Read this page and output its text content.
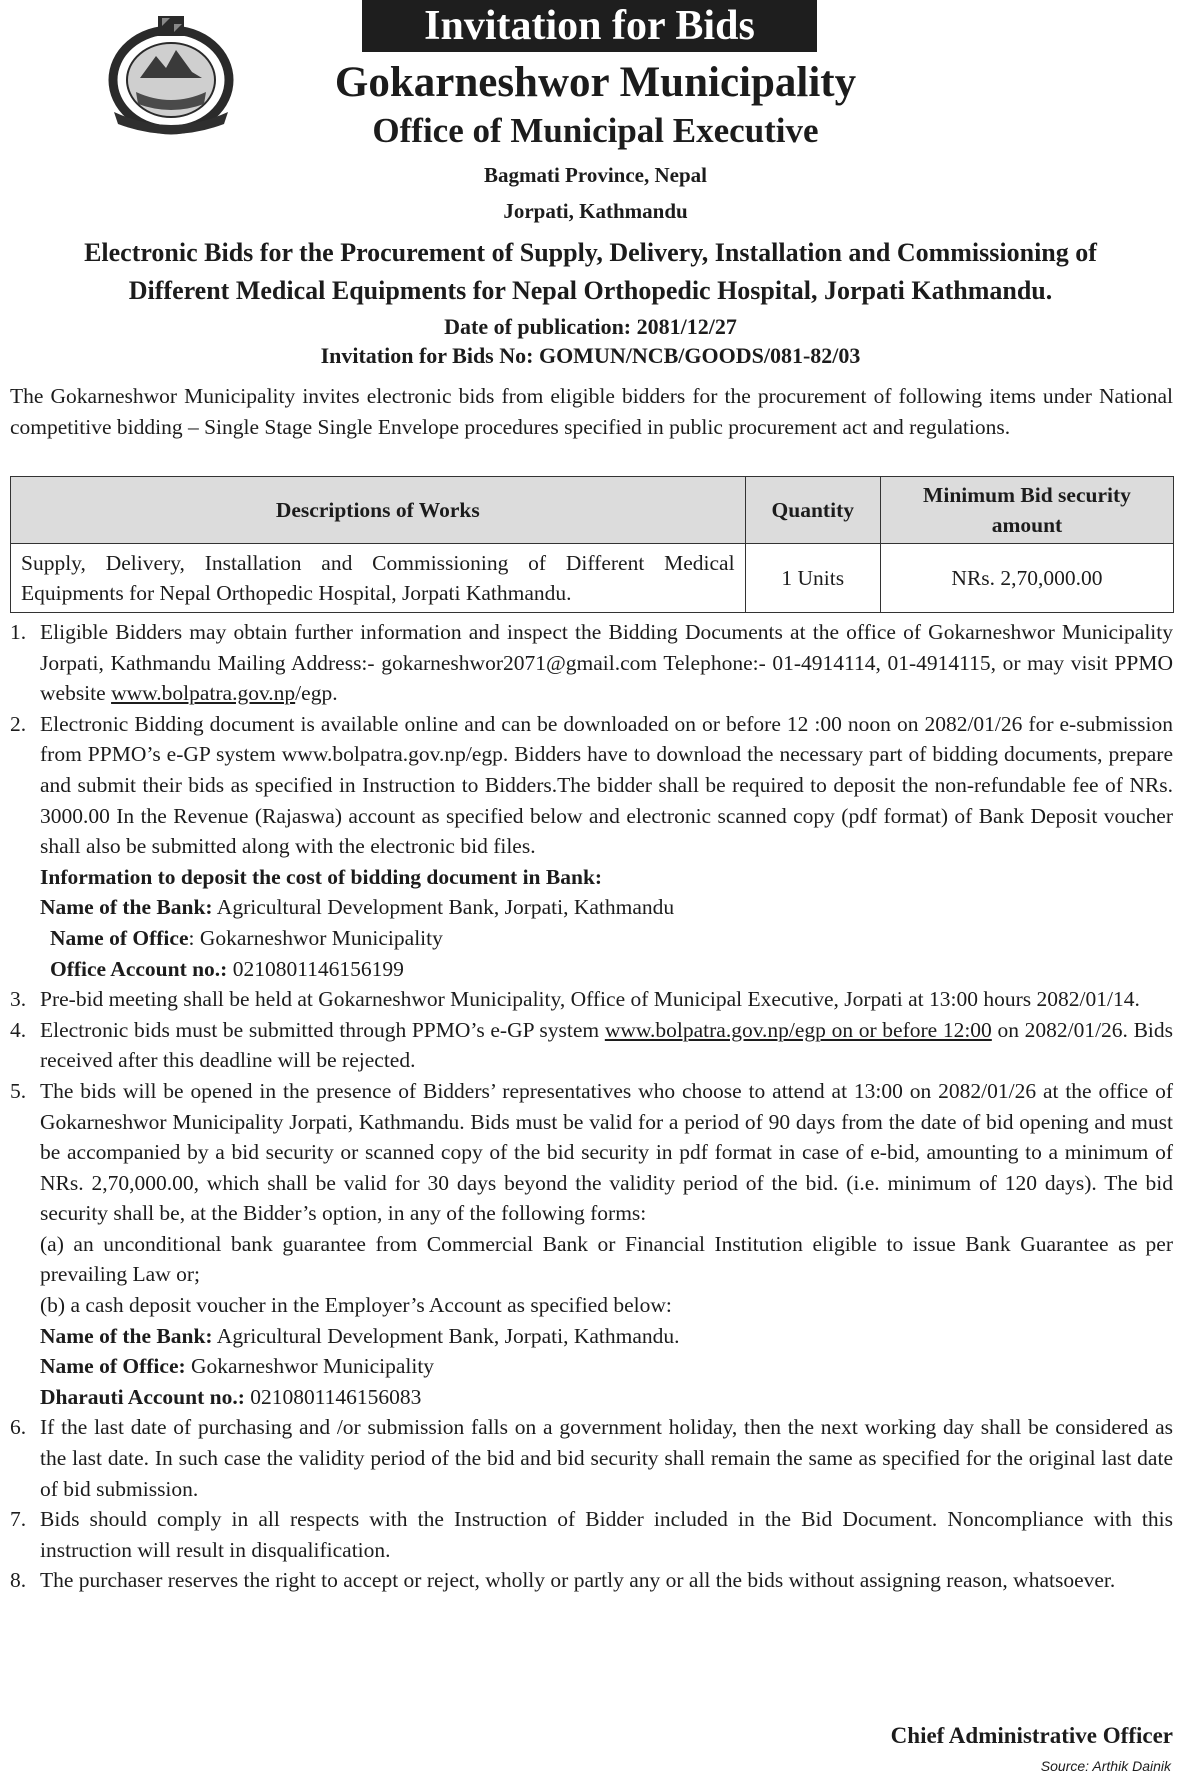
Invitation for Bids
Gokarneshwor Municipality
Office of Municipal Executive
Bagmati Province, Nepal
Jorpati, Kathmandu
Electronic Bids for the Procurement of Supply, Delivery, Installation and Commissioning of
Different Medical Equipments for Nepal Orthopedic Hospital, Jorpati Kathmandu.
Date of publication: 2081/12/27
Invitation for Bids No: GOMUN/NCB/GOODS/081-82/03
The Gokarneshwor Municipality invites electronic bids from eligible bidders for the procurement of following items under National competitive bidding – Single Stage Single Envelope procedures specified in public procurement act and regulations.
Descriptions of Works	Quantity	Minimum Bid security amount
Supply, Delivery, Installation and Commissioning of Different Medical Equipments for Nepal Orthopedic Hospital, Jorpati Kathmandu.	1 Units	NRs. 2,70,000.00
1. Eligible Bidders may obtain further information and inspect the Bidding Documents at the office of Gokarneshwor Municipality Jorpati, Kathmandu Mailing Address:- gokarneshwor2071@gmail.com Telephone:- 01-4914114, 01-4914115, or may visit PPMO website www.bolpatra.gov.np/egp.
2. Electronic Bidding document is available online and can be downloaded on or before 12 :00 noon on 2082/01/26 for e-submission from PPMO’s e-GP system www.bolpatra.gov.np/egp. Bidders have to download the necessary part of bidding documents, prepare and submit their bids as specified in Instruction to Bidders.The bidder shall be required to deposit the non-refundable fee of NRs. 3000.00 In the Revenue (Rajaswa) account as specified below and electronic scanned copy (pdf format) of Bank Deposit voucher shall also be submitted along with the electronic bid files.
Information to deposit the cost of bidding document in Bank:
Name of the Bank: Agricultural Development Bank, Jorpati, Kathmandu
Name of Office: Gokarneshwor Municipality
Office Account no.: 0210801146156199
3. Pre-bid meeting shall be held at Gokarneshwor Municipality, Office of Municipal Executive, Jorpati at 13:00 hours 2082/01/14.
4. Electronic bids must be submitted through PPMO’s e-GP system www.bolpatra.gov.np/egp on or before 12:00 on 2082/01/26. Bids received after this deadline will be rejected.
5. The bids will be opened in the presence of Bidders’ representatives who choose to attend at 13:00 on 2082/01/26 at the office of Gokarneshwor Municipality Jorpati, Kathmandu. Bids must be valid for a period of 90 days from the date of bid opening and must be accompanied by a bid security or scanned copy of the bid security in pdf format in case of e-bid, amounting to a minimum of NRs. 2,70,000.00, which shall be valid for 30 days beyond the validity period of the bid. (i.e. minimum of 120 days). The bid security shall be, at the Bidder’s option, in any of the following forms:
(a) an unconditional bank guarantee from Commercial Bank or Financial Institution eligible to issue Bank Guarantee as per prevailing Law or;
(b) a cash deposit voucher in the Employer’s Account as specified below:
Name of the Bank: Agricultural Development Bank, Jorpati, Kathmandu.
Name of Office: Gokarneshwor Municipality
Dharauti Account no.: 0210801146156083
6. If the last date of purchasing and /or submission falls on a government holiday, then the next working day shall be considered as the last date. In such case the validity period of the bid and bid security shall remain the same as specified for the original last date of bid submission.
7. Bids should comply in all respects with the Instruction of Bidder included in the Bid Document. Noncompliance with this instruction will result in disqualification.
8. The purchaser reserves the right to accept or reject, wholly or partly any or all the bids without assigning reason, whatsoever.
Chief Administrative Officer
Source: Arthik Dainik
